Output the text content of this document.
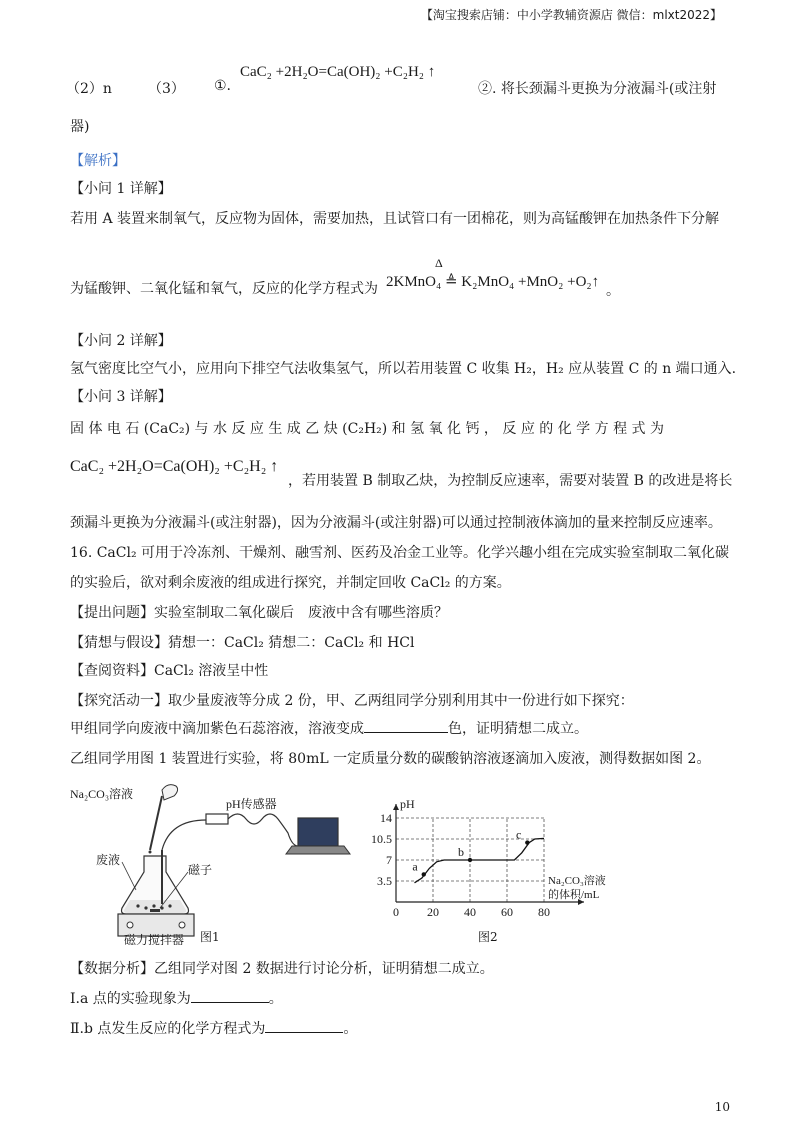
【淘宝搜索店铺：中小学教辅资源店 微信：mlxt2022】
（2）n	（3） ①.
CaC₂ +2H₂O=Ca(OH)₂ +C₂H₂ ↑
②. 将长颈漏斗更换为分液漏斗(或注射
器)
【解析】
【小问 1 详解】
若用 A 装置来制氧气，反应物为固体，需要加热，且试管口有一团棉花，则为高锰酸钾在加热条件下分解
Δ
为锰酸钾、二氧化锰和氧气，反应的化学方程式为 2KMnO₄ ≜ K₂MnO₄ +MnO₂ +O₂↑
。
【小问 2 详解】
氢气密度比空气小，应用向下排空气法收集氢气，所以若用装置 C 收集 H₂，H₂ 应从装置 C 的 n 端口通入.
【小问 3 详解】
固 体 电 石 (CaC₂) 与 水 反 应 生 成 乙 炔 (C₂H₂) 和 氢 氧 化 钙 ， 反 应 的 化 学 方 程 式 为
CaC₂ +2H₂O=Ca(OH)₂ +C₂H₂ ↑
，若用装置 B 制取乙炔，为控制反应速率，需要对装置 B 的改进是将长
颈漏斗更换为分液漏斗(或注射器)，因为分液漏斗(或注射器)可以通过控制液体滴加的量来控制反应速率。
16. CaCl₂ 可用于冷冻剂、干燥剂、融雪剂、医药及冶金工业等。化学兴趣小组在完成实验室制取二氧化碳
的实验后，欲对剩余废液的组成进行探究，并制定回收 CaCl₂ 的方案。
【提出问题】实验室制取二氧化碳后　废液中含有哪些溶质？
【猜想与假设】猜想一：CaCl₂ 猜想二：CaCl₂ 和 HCl
【查阅资料】CaCl₂ 溶液呈中性
【探究活动一】取少量废液等分成 2 份，甲、乙两组同学分别利用其中一份进行如下探究：
甲组同学向废液中滴加紫色石蕊溶液，溶液变成	色，证明猜想二成立。
乙组同学用图 1 装置进行实验，将 80mL 一定质量分数的碳酸钠溶液逐滴加入废液，测得数据如图 2。
Na₂CO₃溶液
pH传感器
废液
磁子
磁力搅拌器 图1
14
10.5
7
3.5
0 20 40 60 80
pH
Na₂CO₃溶液
的体积/mL
a
b
c
图2
【数据分析】乙组同学对图 2 数据进行讨论分析，证明猜想二成立。
Ⅰ.a 点的实验现象为	。
Ⅱ.b 点发生反应的化学方程式为	。
10
